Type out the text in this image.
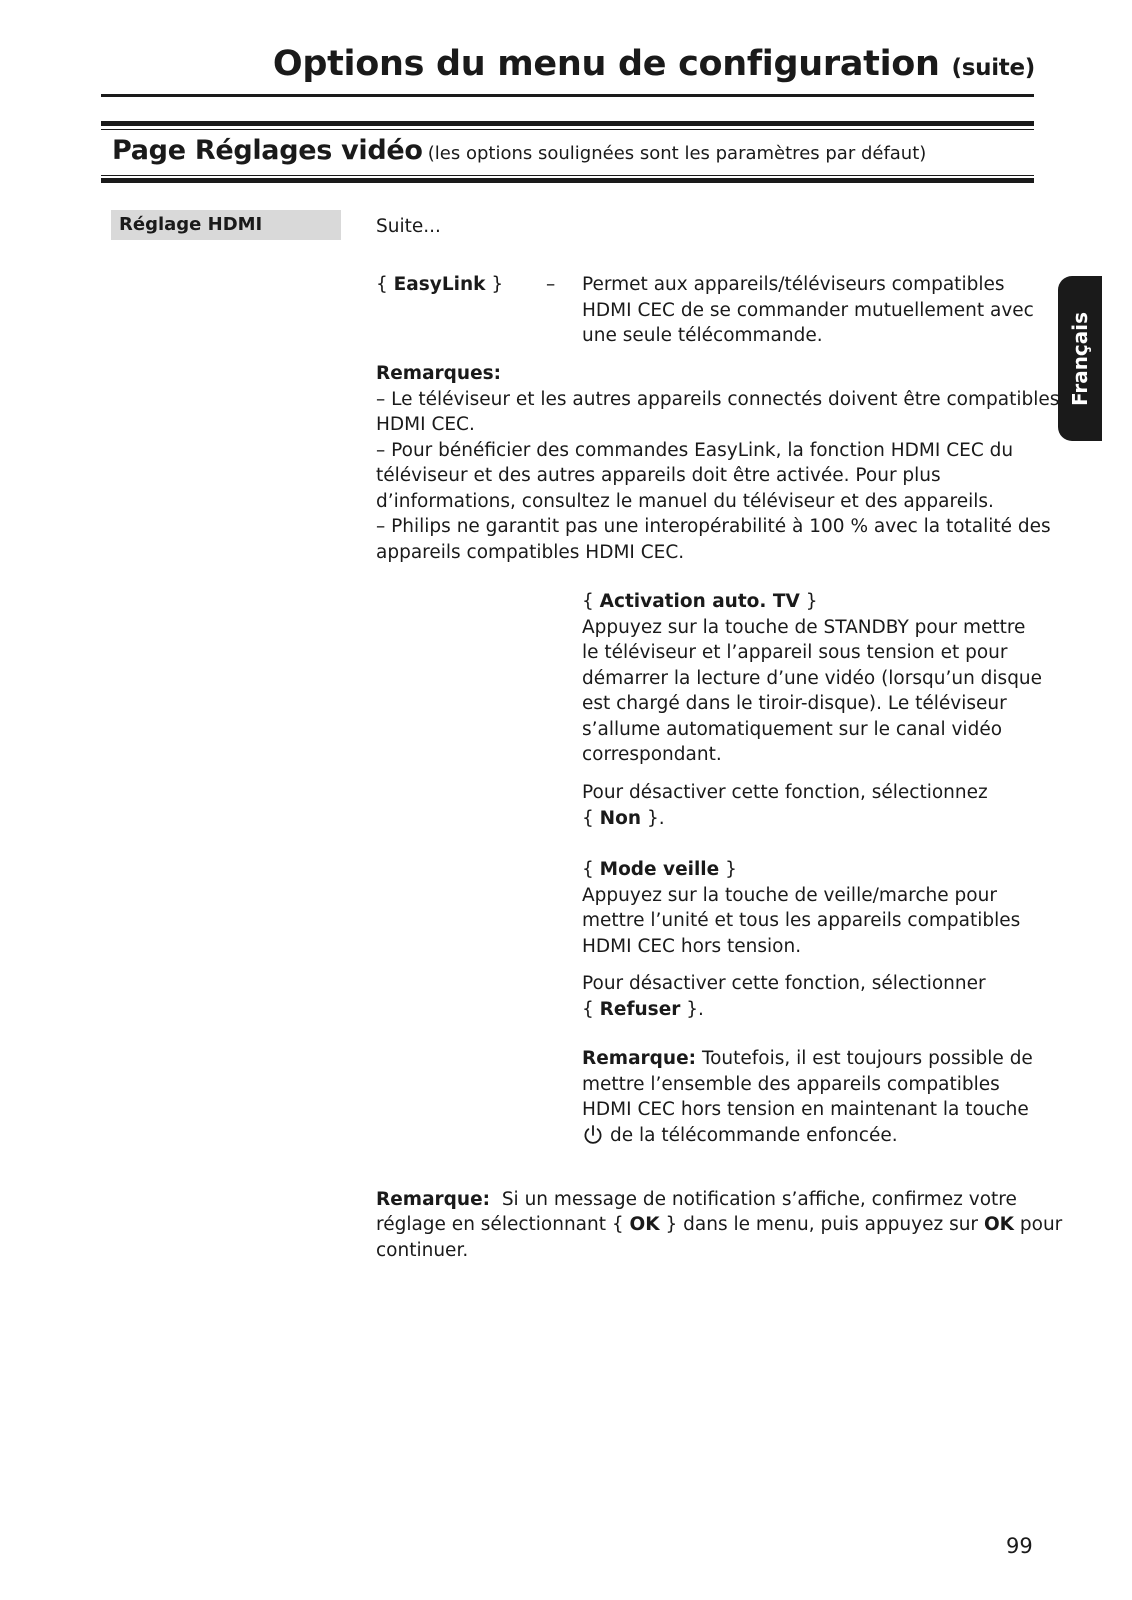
Options du menu de configuration (suite)
Page Réglages vidéo (les options soulignées sont les paramètres par défaut)
Réglage HDMI
Français
Suite...
{ EasyLink } – Permet aux appareils/téléviseurs compatibles
HDMI CEC de se commander mutuellement avec
une seule télécommande.
Remarques:
– Le téléviseur et les autres appareils connectés doivent être compatibles
HDMI CEC.
– Pour bénéficier des commandes EasyLink, la fonction HDMI CEC du
téléviseur et des autres appareils doit être activée. Pour plus
d’informations, consultez le manuel du téléviseur et des appareils.
– Philips ne garantit pas une interopérabilité à 100 % avec la totalité des
appareils compatibles HDMI CEC.
{ Activation auto. TV }
Appuyez sur la touche de STANDBY pour mettre
le téléviseur et l’appareil sous tension et pour
démarrer la lecture d’une vidéo (lorsqu’un disque
est chargé dans le tiroir-disque). Le téléviseur
s’allume automatiquement sur le canal vidéo
correspondant.
Pour désactiver cette fonction, sélectionnez
{ Non }.
{ Mode veille }
Appuyez sur la touche de veille/marche pour
mettre l’unité et tous les appareils compatibles
HDMI CEC hors tension.
Pour désactiver cette fonction, sélectionner
{ Refuser }.
Remarque: Toutefois, il est toujours possible de
mettre l’ensemble des appareils compatibles
HDMI CEC hors tension en maintenant la touche
de la télécommande enfoncée.
Remarque: Si un message de notification s’affiche, confirmez votre
réglage en sélectionnant { OK } dans le menu, puis appuyez sur OK pour
continuer.
99
